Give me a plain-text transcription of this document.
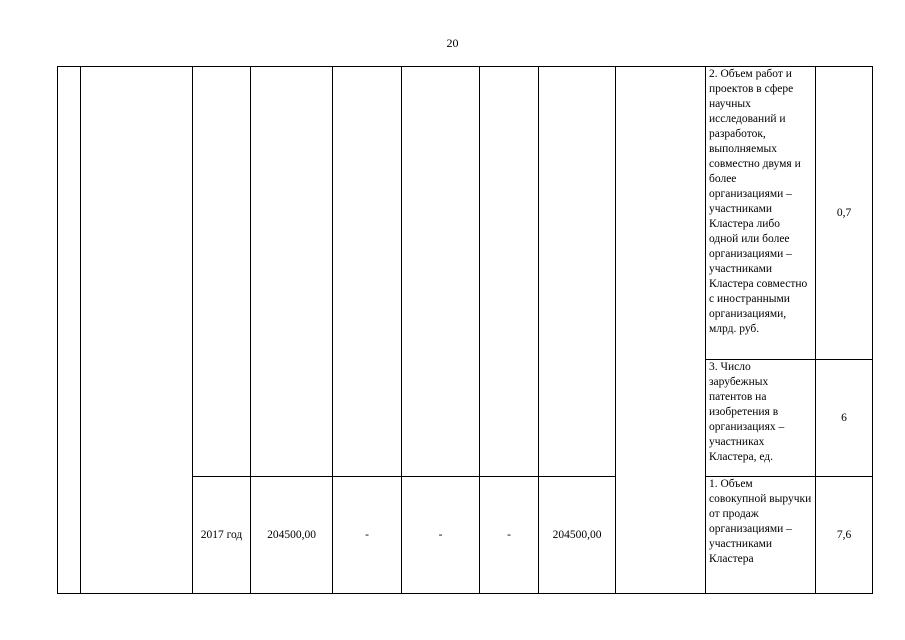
20
									2. Объем работ и проектов в сфере научных исследований и разработок, выполняемых совместно двумя и более организациями – участниками Кластера либо одной или более организациями – участниками Кластера совместно с иностранными организациями, млрд. руб.	0,7
									3. Число зарубежных патентов на изобретения в организациях – участниках Кластера, ед.	6
		2017 год	204500,00	-	-	-	204500,00		1. Объем совокупной выручки от продаж организациями – участниками Кластера	7,6
